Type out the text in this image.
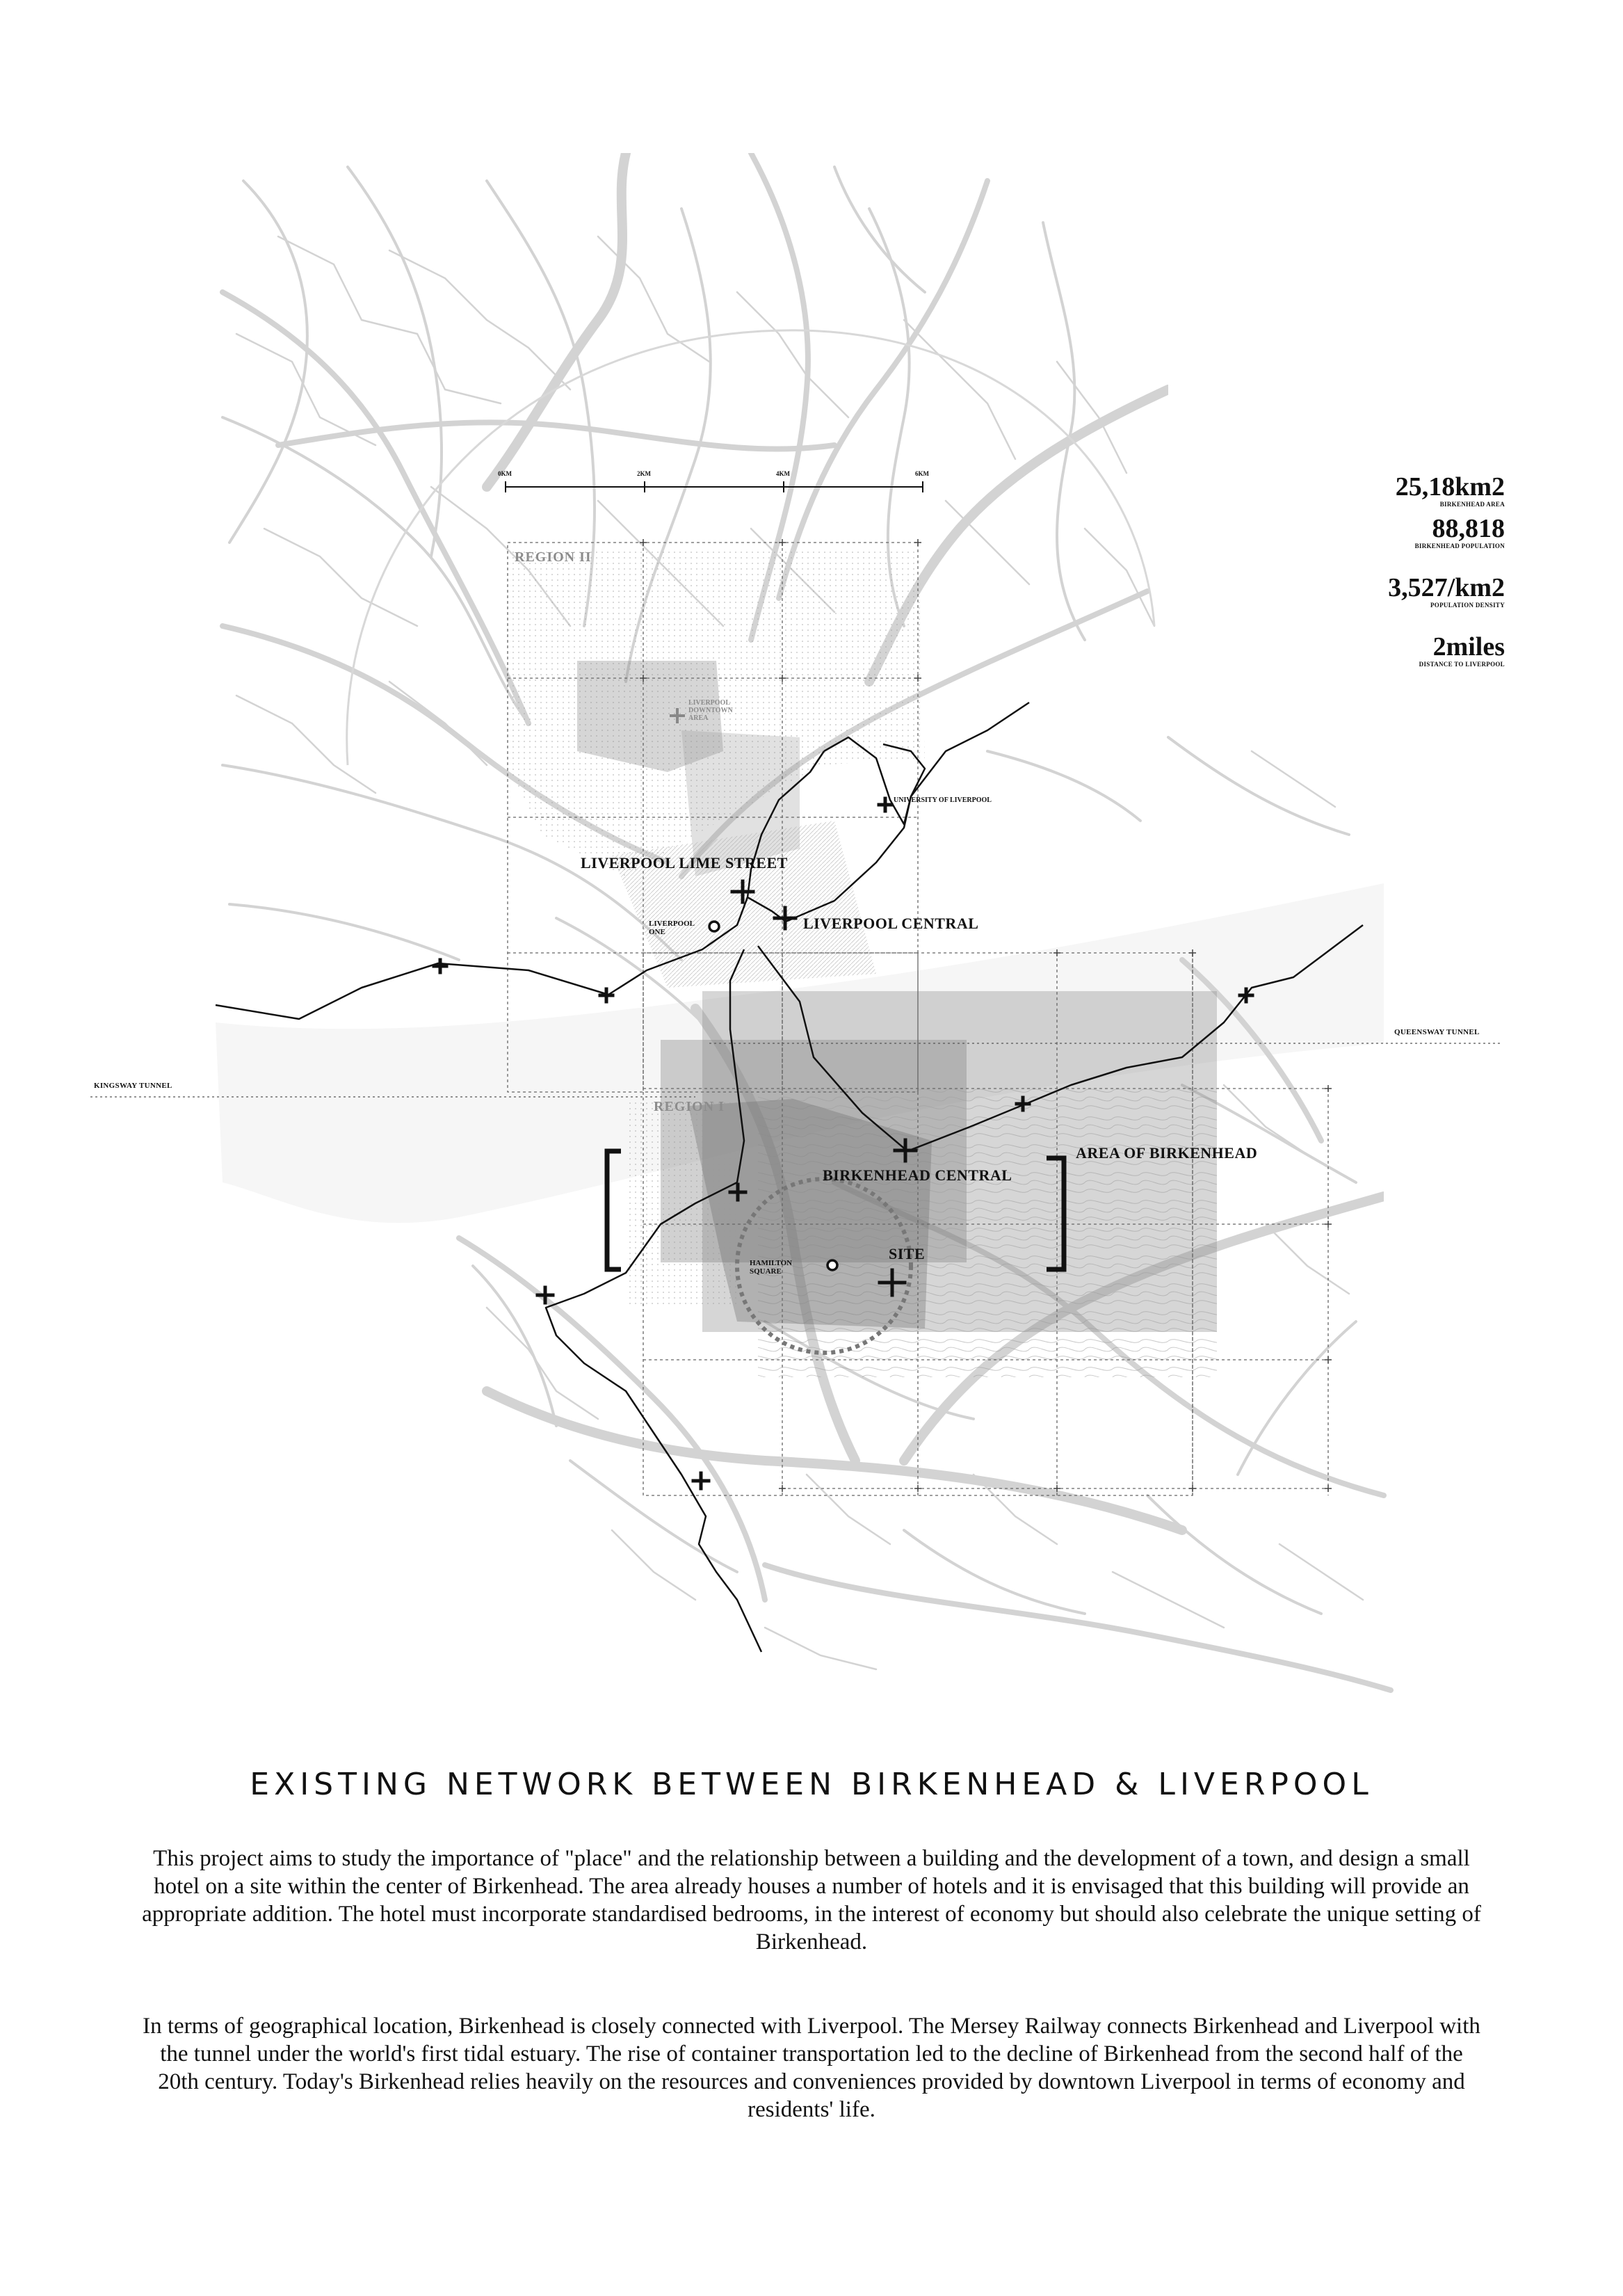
25,18km2
BIRKENHEAD AREA
88,818
BIRKENHEAD POPULATION
3,527/km2
POPULATION DENSITY
2miles
DISTANCE TO LIVERPOOL
0KM	2KM	4KM	6KM
REGION II
REGION I
LIVERPOOL
DOWNTOWN
AREA
UNIVERSITY OF LIVERPOOL
LIVERPOOL LIME STREET
LIVERPOOL CENTRAL
LIVERPOOL
ONE
QUEENSWAY TUNNEL
KINGSWAY TUNNEL
BIRKENHEAD CENTRAL
AREA OF BIRKENHEAD
HAMILTON
SQUARE
SITE
EXISTING NETWORK BETWEEN BIRKENHEAD & LIVERPOOL
This project aims to study the importance of "place" and the relationship between a building and the development of a town, and design a small hotel on a site within the center of Birkenhead. The area already houses a number of hotels and it is envisaged that this building will provide an appropriate addition. The hotel must incorporate standardised bedrooms, in the interest of economy but should also celebrate the unique setting of Birkenhead.
In terms of geographical location, Birkenhead is closely connected with Liverpool. The Mersey Railway connects Birkenhead and Liverpool with the tunnel under the world's first tidal estuary. The rise of container transportation led to the decline of Birkenhead from the second half of the 20th century. Today's Birkenhead relies heavily on the resources and conveniences provided by downtown Liverpool in terms of economy and residents' life.
